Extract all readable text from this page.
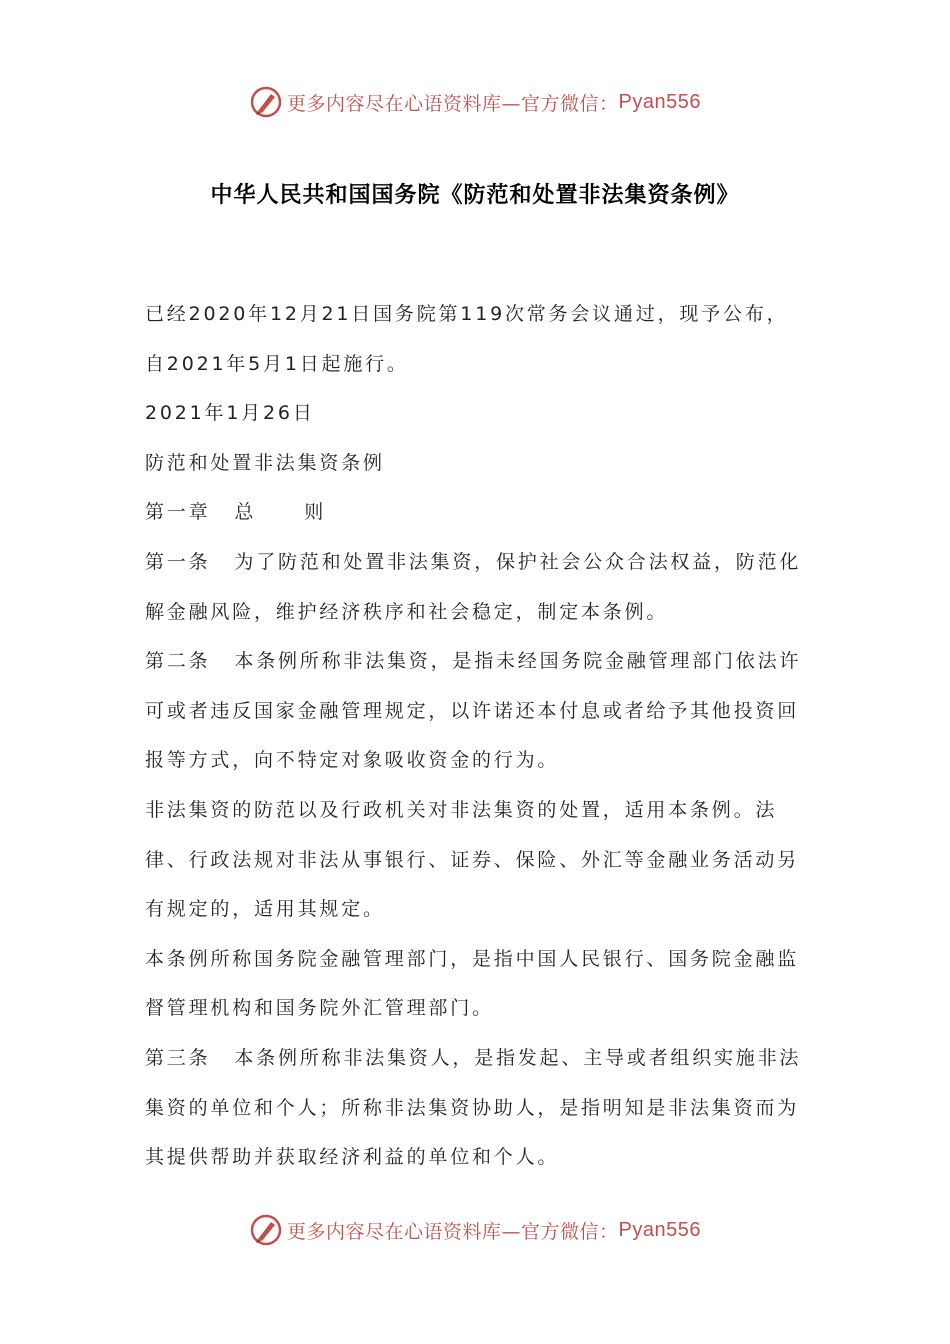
更多内容尽在心语资料库—官方微信： Pyan556
中华人民共和国国务院《防范和处置非法集资条例》

已经2020年12月21日国务院第119次常务会议通过，现予公布，自2021年5月1日起施行。

2021年1月26日

防范和处置非法集资条例

第一章 总	则

第一条 为了防范和处置非法集资，保护社会公众合法权益，防范化解金融风险，维护经济秩序和社会稳定，制定本条例。

第二条 本条例所称非法集资，是指未经国务院金融管理部门依法许可或者违反国家金融管理规定，以许诺还本付息或者给予其他投资回报等方式，向不特定对象吸收资金的行为。

非法集资的防范以及行政机关对非法集资的处置，适用本条例。法律、行政法规对非法从事银行、证券、保险、外汇等金融业务活动另有规定的，适用其规定。

本条例所称国务院金融管理部门，是指中国人民银行、国务院金融监督管理机构和国务院外汇管理部门。

第三条 本条例所称非法集资人，是指发起、主导或者组织实施非法集资的单位和个人；所称非法集资协助人，是指明知是非法集资而为其提供帮助并获取经济利益的单位和个人。

更多内容尽在心语资料库—官方微信： Pyan556
